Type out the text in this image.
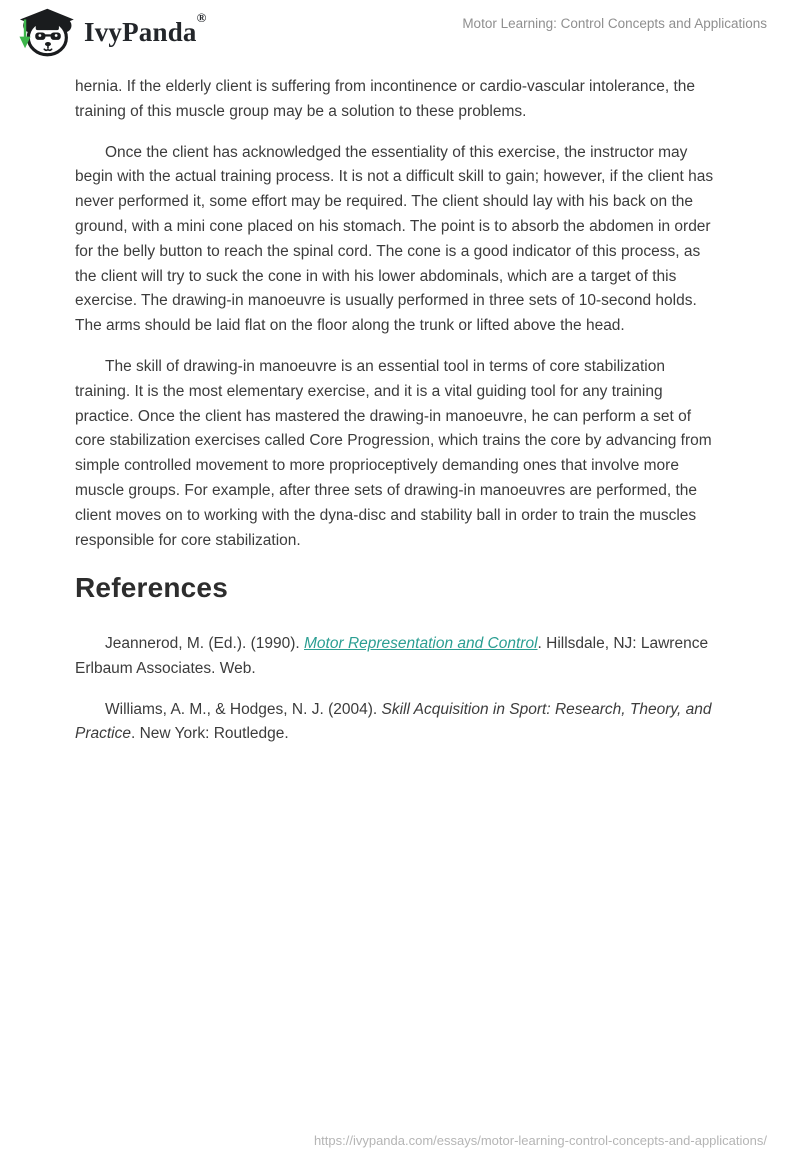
IvyPanda®	Motor Learning: Control Concepts and Applications

hernia. If the elderly client is suffering from incontinence or cardio-vascular intolerance, the training of this muscle group may be a solution to these problems.

Once the client has acknowledged the essentiality of this exercise, the instructor may begin with the actual training process. It is not a difficult skill to gain; however, if the client has never performed it, some effort may be required. The client should lay with his back on the ground, with a mini cone placed on his stomach. The point is to absorb the abdomen in order for the belly button to reach the spinal cord. The cone is a good indicator of this process, as the client will try to suck the cone in with his lower abdominals, which are a target of this exercise. The drawing-in manoeuvre is usually performed in three sets of 10-second holds. The arms should be laid flat on the floor along the trunk or lifted above the head.

The skill of drawing-in manoeuvre is an essential tool in terms of core stabilization training. It is the most elementary exercise, and it is a vital guiding tool for any training practice. Once the client has mastered the drawing-in manoeuvre, he can perform a set of core stabilization exercises called Core Progression, which trains the core by advancing from simple controlled movement to more proprioceptively demanding ones that involve more muscle groups. For example, after three sets of drawing-in manoeuvres are performed, the client moves on to working with the dyna-disc and stability ball in order to train the muscles responsible for core stabilization.

References

Jeannerod, M. (Ed.). (1990). Motor Representation and Control. Hillsdale, NJ: Lawrence Erlbaum Associates. Web.

Williams, A. M., & Hodges, N. J. (2004). Skill Acquisition in Sport: Research, Theory, and Practice. New York: Routledge.

https://ivypanda.com/essays/motor-learning-control-concepts-and-applications/
